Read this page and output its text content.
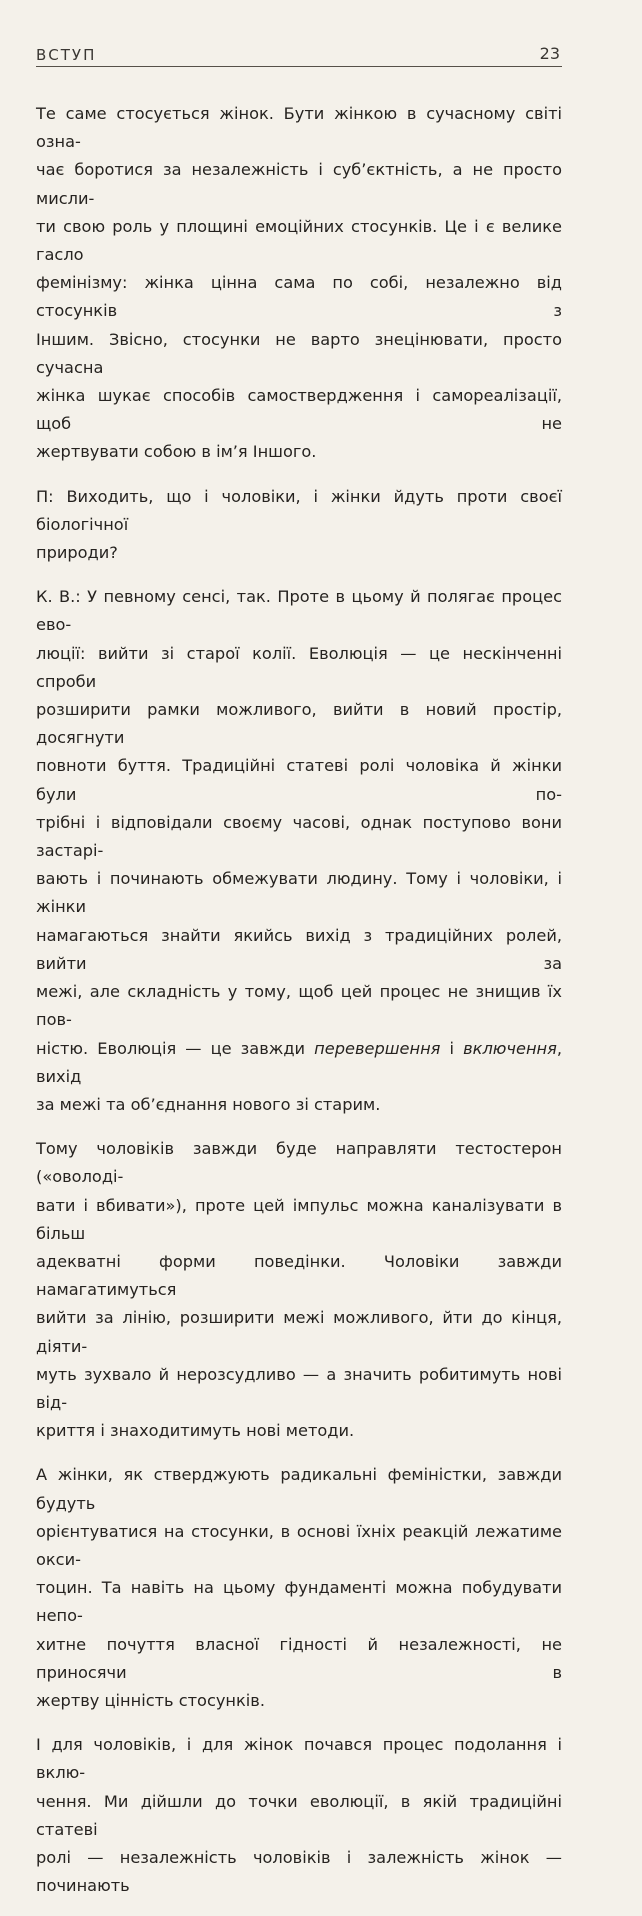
ВСТУП	23

Те саме стосується жінок. Бути жінкою в сучасному світі озна-
чає боротися за незалежність і суб’єктність, а не просто мисли-
ти свою роль у площині емоційних стосунків. Це і є велике гасло
фемінізму: жінка цінна сама по собі, незалежно від стосунків з
Іншим. Звісно, стосунки не варто знецінювати, просто сучасна
жінка шукає способів самоствердження і самореалізації, щоб не
жертвувати собою в ім’я Іншого.

П: Виходить, що і чоловіки, і жінки йдуть проти своєї біологічної
природи?

К. В.: У певному сенсі, так. Проте в цьому й полягає процес ево-
люції: вийти зі старої колії. Еволюція — це нескінченні спроби
розширити рамки можливого, вийти в новий простір, досягнути
повноти буття. Традиційні статеві ролі чоловіка й жінки були по-
трібні і відповідали своєму часові, однак поступово вони застарі-
вають і починають обмежувати людину. Тому і чоловіки, і жінки
намагаються знайти якийсь вихід з традиційних ролей, вийти за
межі, але складність у тому, щоб цей процес не знищив їх пов-
ністю. Еволюція — це завжди перевершення і включення, вихід
за межі та об’єднання нового зі старим.

Тому чоловіків завжди буде направляти тестостерон («оволоді-
вати і вбивати»), проте цей імпульс можна каналізувати в більш
адекватні форми поведінки. Чоловіки завжди намагатимуться
вийти за лінію, розширити межі можливого, йти до кінця, діяти-
муть зухвало й нерозсудливо — а значить робитимуть нові від-
криття і знаходитимуть нові методи.

А жінки, як стверджують радикальні феміністки, завжди будуть
орієнтуватися на стосунки, в основі їхніх реакцій лежатиме окси-
тоцин. Та навіть на цьому фундаменті можна побудувати непо-
хитне почуття власної гідності й незалежності, не приносячи в
жертву цінність стосунків.

І для чоловіків, і для жінок почався процес подолання і вклю-
чення. Ми дійшли до точки еволюції, в якій традиційні статеві
ролі — незалежність чоловіків і залежність жінок — починають
